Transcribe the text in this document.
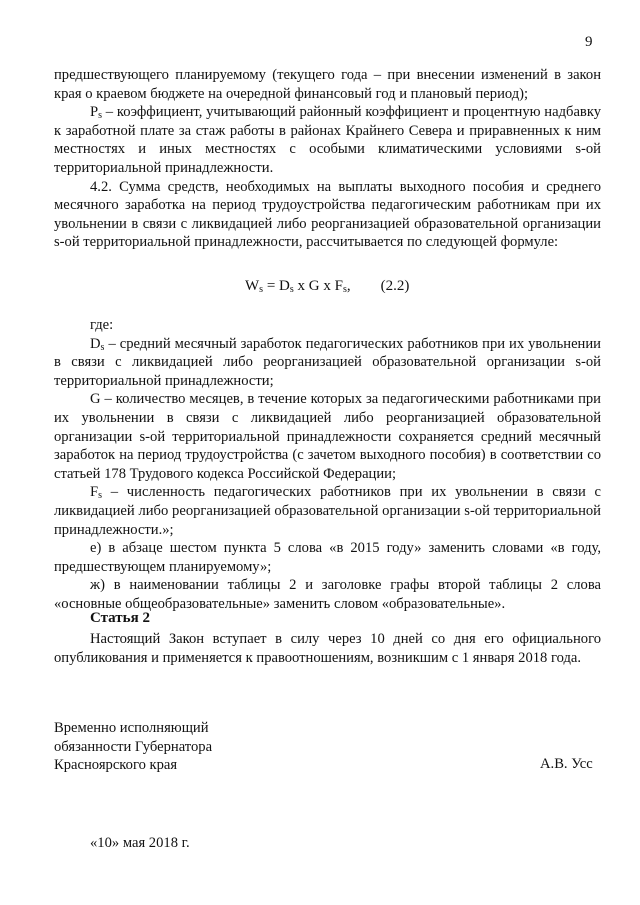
9

предшествующего планируемому (текущего года – при внесении изменений в закон края о краевом бюджете на очередной финансовый год и плановый период);

$P_s$ – коэффициент, учитывающий районный коэффициент и процентную надбавку к заработной плате за стаж работы в районах Крайнего Севера и приравненных к ним местностях и иных местностях с особыми климатическими условиями s-ой территориальной принадлежности.

4.2. Сумма средств, необходимых на выплаты выходного пособия и среднего месячного заработка на период трудоустройства педагогическим работникам при их увольнении в связи с ликвидацией либо реорганизацией образовательной организации s-ой территориальной принадлежности, рассчитывается по следующей формуле:

$W_s = D_s$ x G x $F_s$, (2.2)

где:

$D_s$ – средний месячный заработок педагогических работников при их увольнении в связи с ликвидацией либо реорганизацией образовательной организации s-ой территориальной принадлежности;

G – количество месяцев, в течение которых за педагогическими работниками при их увольнении в связи с ликвидацией либо реорганизацией образовательной организации s-ой территориальной принадлежности сохраняется средний месячный заработок на период трудоустройства (с зачетом выходного пособия) в соответствии со статьей 178 Трудового кодекса Российской Федерации;

$F_s$ – численность педагогических работников при их увольнении в связи с ликвидацией либо реорганизацией образовательной организации s-ой территориальной принадлежности.»;

е) в абзаце шестом пункта 5 слова «в 2015 году» заменить словами «в году, предшествующем планируемому»;

ж) в наименовании таблицы 2 и заголовке графы второй таблицы 2 слова «основные общеобразовательные» заменить словом «образовательные».

Статья 2

Настоящий Закон вступает в силу через 10 дней со дня его официального опубликования и применяется к правоотношениям, возникшим с 1 января 2018 года.

Временно исполняющий
обязанности Губернатора
Красноярского края	А.В. Усс
«10» мая 2018 г.
